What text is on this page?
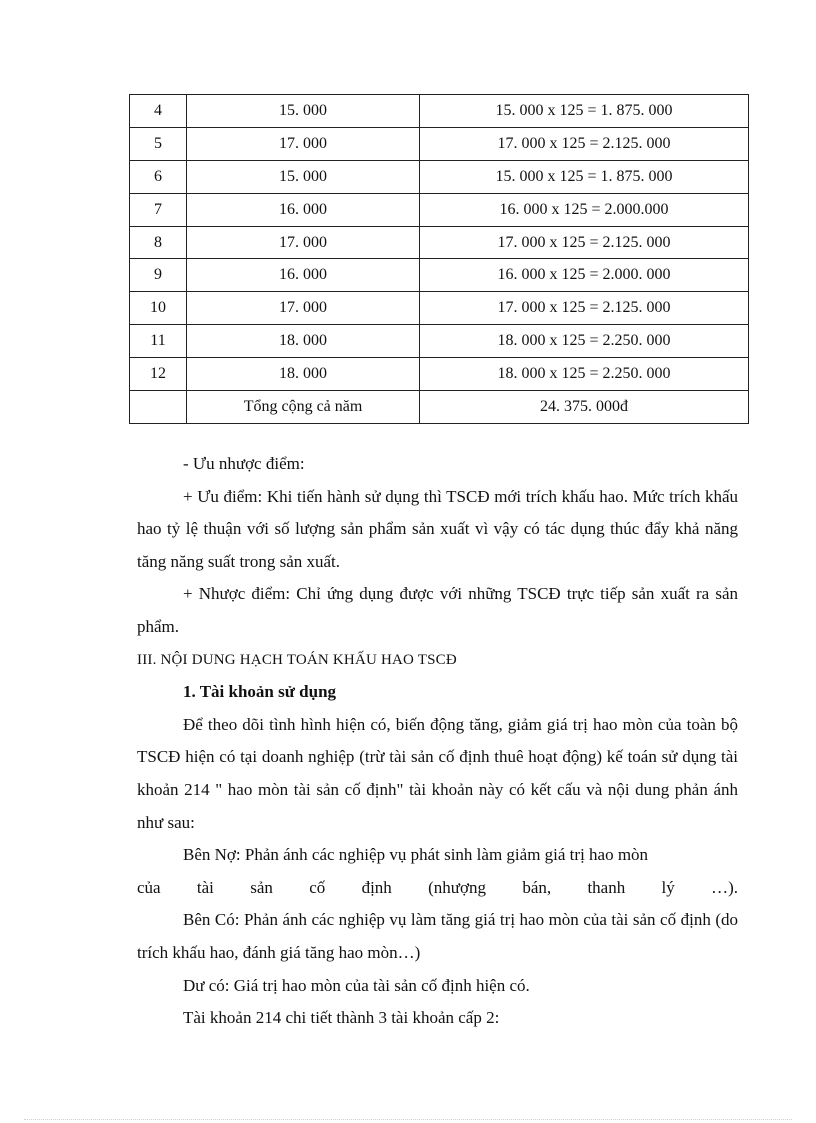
4	15. 000	15. 000 x 125 = 1. 875. 000
5	17. 000	17. 000 x 125 = 2.125. 000
6	15. 000	15. 000 x 125 = 1. 875. 000
7	16. 000	16. 000 x 125 = 2.000.000
8	17. 000	17. 000 x 125 = 2.125. 000
9	16. 000	16. 000 x 125 = 2.000. 000
10	17. 000	17. 000 x 125 = 2.125. 000
11	18. 000	18. 000 x 125 = 2.250. 000
12	18. 000	18. 000 x 125 = 2.250. 000
	Tổng cộng cả năm	24. 375. 000đ

- Ưu nhược điểm:

+ Ưu điểm: Khi tiến hành sử dụng thì TSCĐ mới trích khấu hao. Mức trích khấu hao tỷ lệ thuận với số lượng sản phẩm sản xuất vì vậy có tác dụng thúc đẩy khả năng tăng năng suất trong sản xuất.

+ Nhược điểm: Chỉ ứng dụng được với những TSCĐ trực tiếp sản xuất ra sản phẩm.

III. NỘI DUNG HẠCH TOÁN KHẤU HAO TSCĐ

1. Tài khoản sử dụng

Để theo dõi tình hình hiện có, biến động tăng, giảm giá trị hao mòn của toàn bộ TSCĐ hiện có tại doanh nghiệp (trừ tài sản cố định thuê hoạt động) kế toán sử dụng tài khoản 214 " hao mòn tài sản cố định" tài khoản này có kết cấu và nội dung phản ánh như sau:

Bên Nợ: Phản ánh các nghiệp vụ phát sinh làm giảm giá trị hao mòn

của tài sản cố định (nhượng bán, thanh lý …).

Bên Có: Phản ánh các nghiệp vụ làm tăng giá trị hao mòn của tài sản cố định (do trích khấu hao, đánh giá tăng hao mòn…)

Dư có: Giá trị hao mòn của tài sản cố định hiện có.

Tài khoản 214 chi tiết thành 3 tài khoản cấp 2:
